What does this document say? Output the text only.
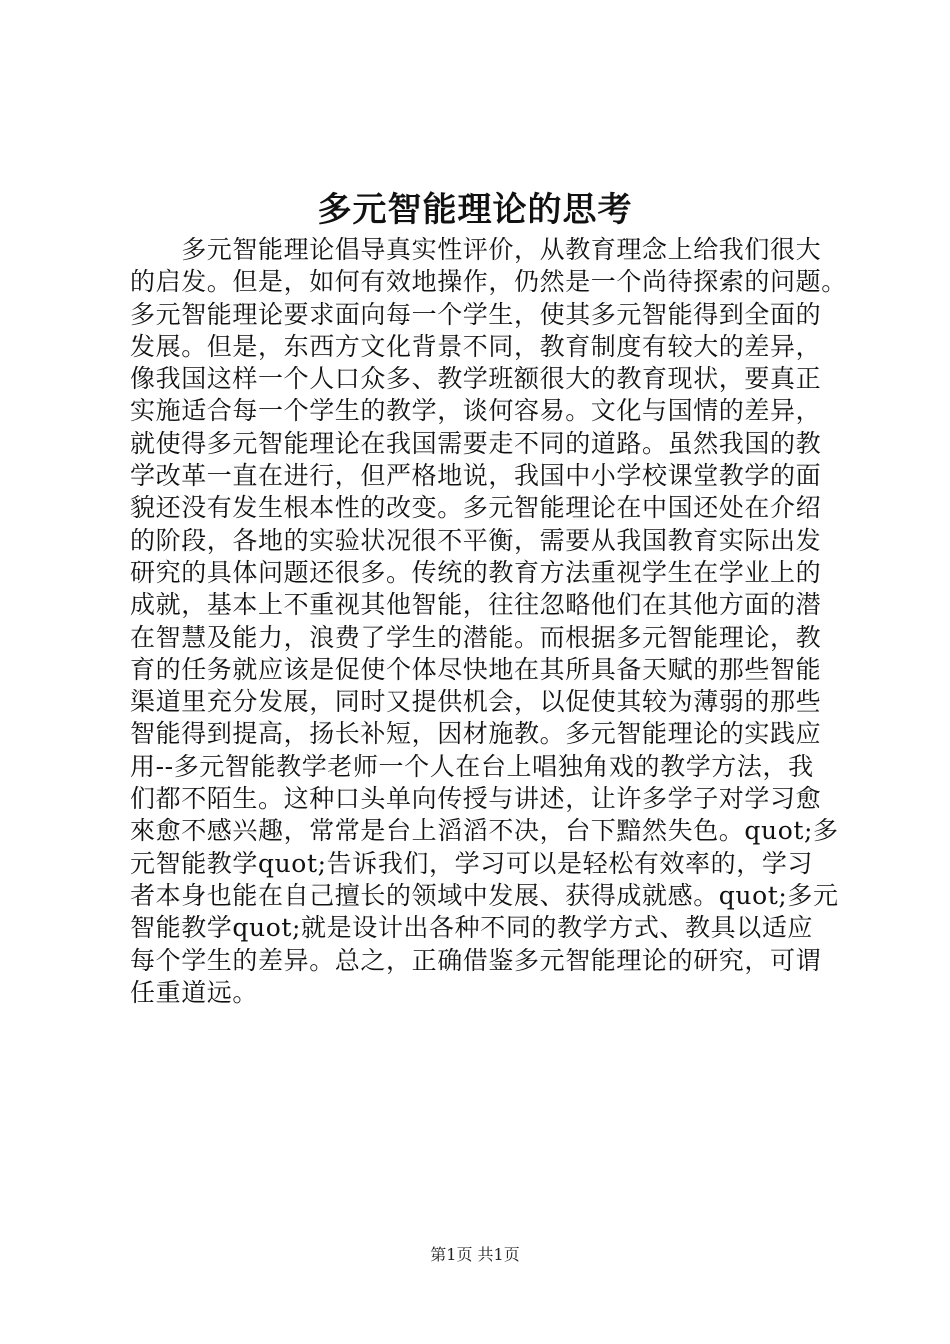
多元智能理论的思考
　　多元智能理论倡导真实性评价，从教育理念上给我们很大
的启发。但是，如何有效地操作，仍然是一个尚待探索的问题。
多元智能理论要求面向每一个学生，使其多元智能得到全面的
发展。但是，东西方文化背景不同，教育制度有较大的差异，
像我国这样一个人口众多、教学班额很大的教育现状，要真正
实施适合每一个学生的教学，谈何容易。文化与国情的差异，
就使得多元智能理论在我国需要走不同的道路。虽然我国的教
学改革一直在进行，但严格地说，我国中小学校课堂教学的面
貌还没有发生根本性的改变。多元智能理论在中国还处在介绍
的阶段，各地的实验状况很不平衡，需要从我国教育实际出发
研究的具体问题还很多。传统的教育方法重视学生在学业上的
成就，基本上不重视其他智能，往往忽略他们在其他方面的潜
在智慧及能力，浪费了学生的潜能。而根据多元智能理论，教
育的任务就应该是促使个体尽快地在其所具备天赋的那些智能
渠道里充分发展，同时又提供机会，以促使其较为薄弱的那些
智能得到提高，扬长补短，因材施教。多元智能理论的实践应
用--多元智能教学老师一个人在台上唱独角戏的教学方法，我
们都不陌生。这种口头单向传授与讲述，让许多学子对学习愈
來愈不感兴趣，常常是台上滔滔不决，台下黯然失色。quot;多
元智能教学quot;告诉我们，学习可以是轻松有效率的，学习
者本身也能在自己擅长的领域中发展、获得成就感。quot;多元
智能教学quot;就是设计出各种不同的教学方式、教具以适应
每个学生的差异。总之，正确借鉴多元智能理论的研究，可谓
任重道远。
第1页 共1页
